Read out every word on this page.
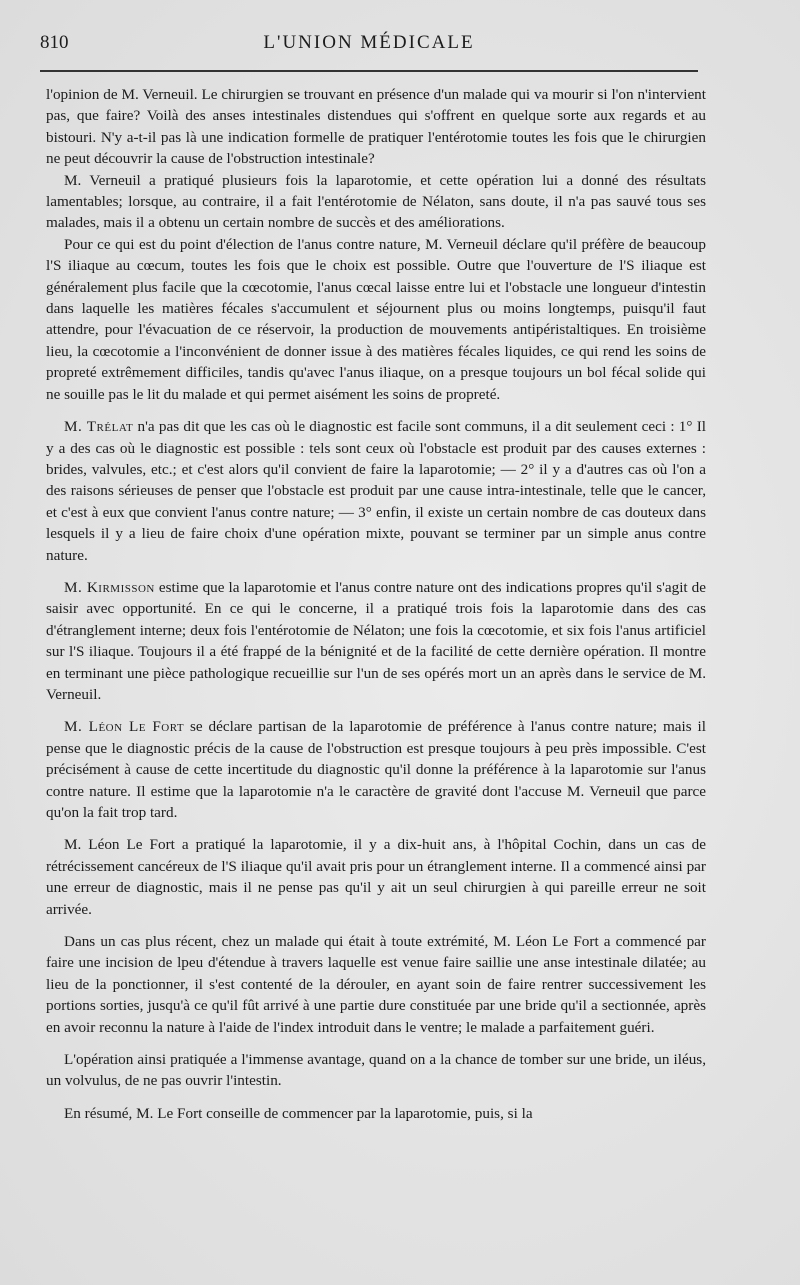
810	L'UNION MÉDICALE

l'opinion de M. Verneuil. Le chirurgien se trouvant en présence d'un malade qui va mourir si l'on n'intervient pas, que faire? Voilà des anses intestinales distendues qui s'offrent en quelque sorte aux regards et au bistouri. N'y a-t-il pas là une indication formelle de pratiquer l'entérotomie toutes les fois que le chirurgien ne peut découvrir la cause de l'obstruction intestinale?

M. Verneuil a pratiqué plusieurs fois la laparotomie, et cette opération lui a donné des résultats lamentables; lorsque, au contraire, il a fait l'entérotomie de Nélaton, sans doute, il n'a pas sauvé tous ses malades, mais il a obtenu un certain nombre de succès et des améliorations.

Pour ce qui est du point d'élection de l'anus contre nature, M. Verneuil déclare qu'il préfère de beaucoup l'S iliaque au cœcum, toutes les fois que le choix est possible. Outre que l'ouverture de l'S iliaque est généralement plus facile que la cœcotomie, l'anus cœcal laisse entre lui et l'obstacle une longueur d'intestin dans laquelle les matières fécales s'accumulent et séjournent plus ou moins longtemps, puisqu'il faut attendre, pour l'évacuation de ce réservoir, la production de mouvements antipéristaltiques. En troisième lieu, la cœcotomie a l'inconvénient de donner issue à des matières fécales liquides, ce qui rend les soins de propreté extrêmement difficiles, tandis qu'avec l'anus iliaque, on a presque toujours un bol fécal solide qui ne souille pas le lit du malade et qui permet aisément les soins de propreté.

M. Trélat n'a pas dit que les cas où le diagnostic est facile sont communs, il a dit seulement ceci : 1° Il y a des cas où le diagnostic est possible : tels sont ceux où l'obstacle est produit par des causes externes : brides, valvules, etc.; et c'est alors qu'il convient de faire la laparotomie; — 2° il y a d'autres cas où l'on a des raisons sérieuses de penser que l'obstacle est produit par une cause intra-intestinale, telle que le cancer, et c'est à eux que convient l'anus contre nature; — 3° enfin, il existe un certain nombre de cas douteux dans lesquels il y a lieu de faire choix d'une opération mixte, pouvant se terminer par un simple anus contre nature.

M. Kirmisson estime que la laparotomie et l'anus contre nature ont des indications propres qu'il s'agit de saisir avec opportunité. En ce qui le concerne, il a pratiqué trois fois la laparotomie dans des cas d'étranglement interne; deux fois l'entérotomie de Nélaton; une fois la cœcotomie, et six fois l'anus artificiel sur l'S iliaque. Toujours il a été frappé de la bénignité et de la facilité de cette dernière opération. Il montre en terminant une pièce pathologique recueillie sur l'un de ses opérés mort un an après dans le service de M. Verneuil.

M. Léon Le Fort se déclare partisan de la laparotomie de préférence à l'anus contre nature; mais il pense que le diagnostic précis de la cause de l'obstruction est presque toujours à peu près impossible. C'est précisément à cause de cette incertitude du diagnostic qu'il donne la préférence à la laparotomie sur l'anus contre nature. Il estime que la laparotomie n'a le caractère de gravité dont l'accuse M. Verneuil que parce qu'on la fait trop tard.

M. Léon Le Fort a pratiqué la laparotomie, il y a dix-huit ans, à l'hôpital Cochin, dans un cas de rétrécissement cancéreux de l'S iliaque qu'il avait pris pour un étranglement interne. Il a commencé ainsi par une erreur de diagnostic, mais il ne pense pas qu'il y ait un seul chirurgien à qui pareille erreur ne soit arrivée.

Dans un cas plus récent, chez un malade qui était à toute extrémité, M. Léon Le Fort a commencé par faire une incision de lpeu d'étendue à travers laquelle est venue faire saillie une anse intestinale dilatée; au lieu de la ponctionner, il s'est contenté de la dérouler, en ayant soin de faire rentrer successivement les portions sorties, jusqu'à ce qu'il fût arrivé à une partie dure constituée par une bride qu'il a sectionnée, après en avoir reconnu la nature à l'aide de l'index introduit dans le ventre; le malade a parfaitement guéri.

L'opération ainsi pratiquée a l'immense avantage, quand on a la chance de tomber sur une bride, un iléus, un volvulus, de ne pas ouvrir l'intestin.

En résumé, M. Le Fort conseille de commencer par la laparotomie, puis, si la
